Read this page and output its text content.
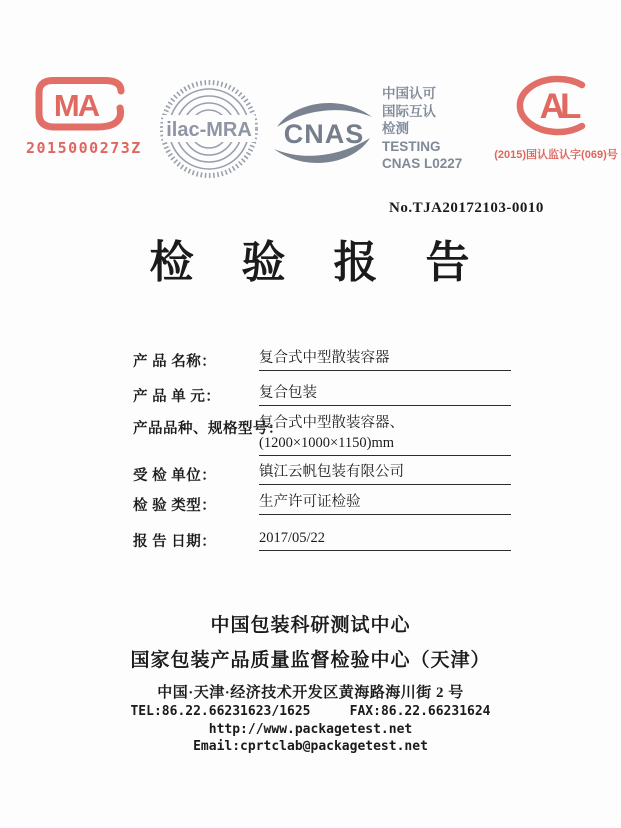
MA
2015000273Z
ilac-MRA CNAS
中国认可
国际互认
检测
TESTING
CNAS L0227
AL
(2015)国认监认字(069)号
No.TJA20172103-0010
检　验　报　告
产 品 名称：	复合式中型散装容器
产 品 单 元：	复合包装
产品品种、规格型号：
复合式中型散装容器、
(1200×1000×1150)mm
受 检 单位：	镇江云帆包装有限公司
检 验 类型：	生产许可证检验
报 告 日期：	2017/05/22
中国包装科研测试中心
国家包装产品质量监督检验中心（天津）
中国·天津·经济技术开发区黄海路海川街 2 号
TEL:86.22.66231623/1625     FAX:86.22.66231624
http://www.packagetest.net
Email:cprtclab@packagetest.net
